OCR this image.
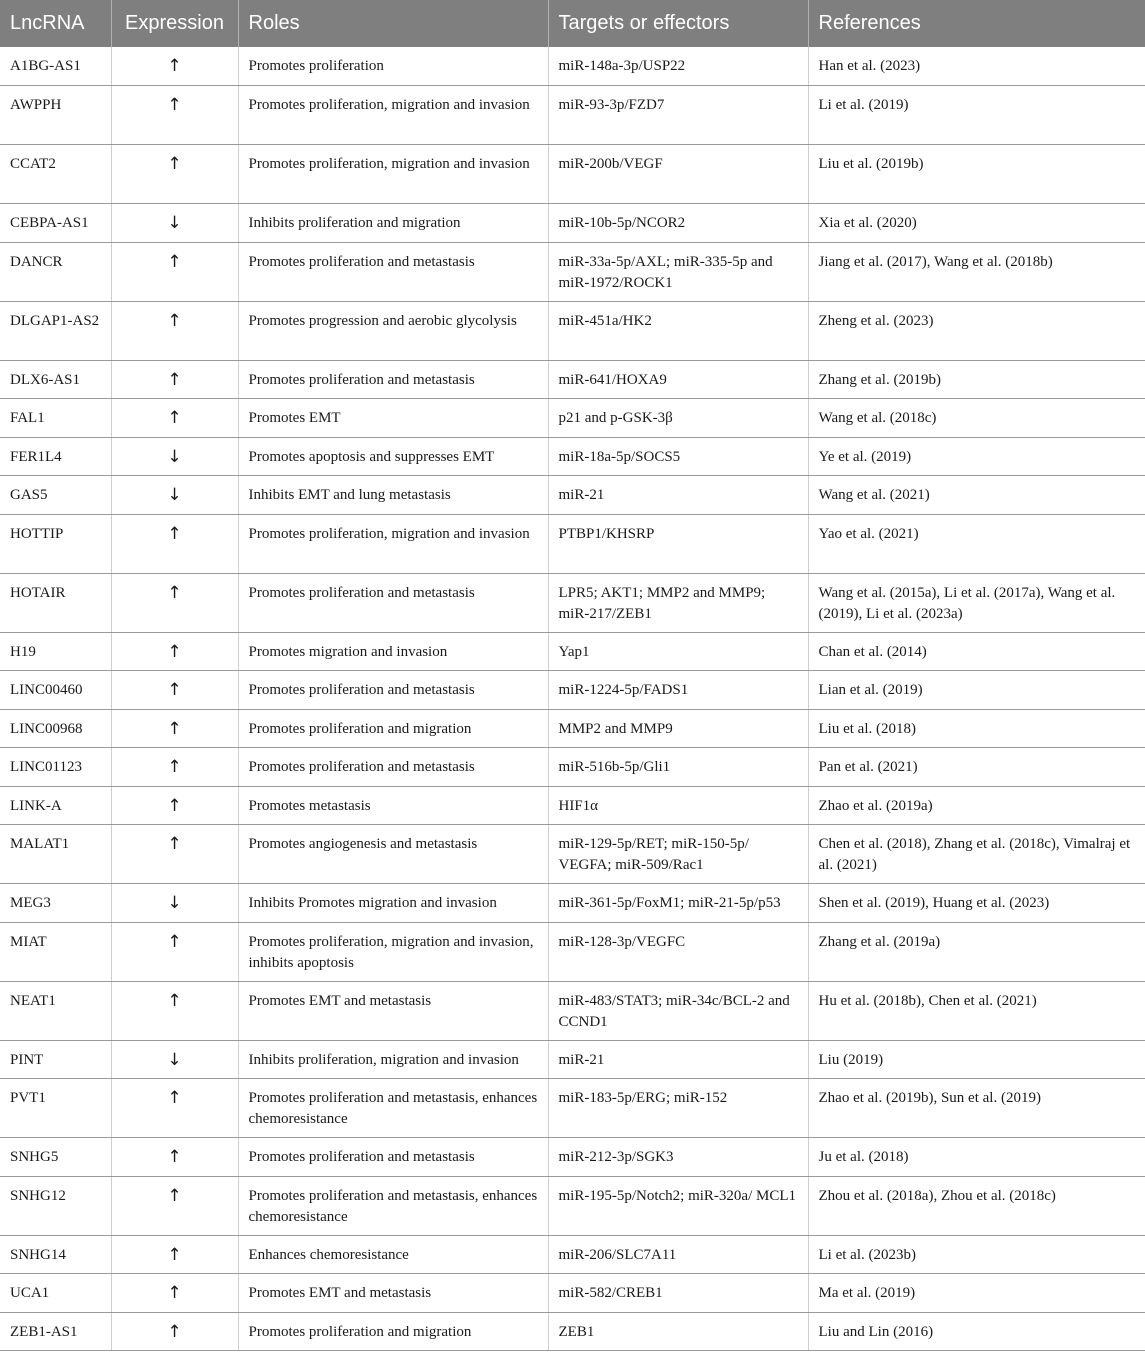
LncRNA	Expression	Roles	Targets or effectors	References
A1BG-AS1	↑	Promotes proliferation	miR-148a-3p/USP22	Han et al. (2023)
AWPPH	↑	Promotes proliferation, migration and invasion	miR-93-3p/FZD7	Li et al. (2019)
CCAT2	↑	Promotes proliferation, migration and invasion	miR-200b/VEGF	Liu et al. (2019b)
CEBPA-AS1	↓	Inhibits proliferation and migration	miR-10b-5p/NCOR2	Xia et al. (2020)
DANCR	↑	Promotes proliferation and metastasis	miR-33a-5p/AXL; miR-335-5p and miR-1972/ROCK1	Jiang et al. (2017), Wang et al. (2018b)
DLGAP1-AS2	↑	Promotes progression and aerobic glycolysis	miR-451a/HK2	Zheng et al. (2023)
DLX6-AS1	↑	Promotes proliferation and metastasis	miR-641/HOXA9	Zhang et al. (2019b)
FAL1	↑	Promotes EMT	p21 and p-GSK-3β	Wang et al. (2018c)
FER1L4	↓	Promotes apoptosis and suppresses EMT	miR-18a-5p/SOCS5	Ye et al. (2019)
GAS5	↓	Inhibits EMT and lung metastasis	miR-21	Wang et al. (2021)
HOTTIP	↑	Promotes proliferation, migration and invasion	PTBP1/KHSRP	Yao et al. (2021)
HOTAIR	↑	Promotes proliferation and metastasis	LPR5; AKT1; MMP2 and MMP9; miR-217/ZEB1	Wang et al. (2015a), Li et al. (2017a), Wang et al. (2019), Li et al. (2023a)
H19	↑	Promotes migration and invasion	Yap1	Chan et al. (2014)
LINC00460	↑	Promotes proliferation and metastasis	miR-1224-5p/FADS1	Lian et al. (2019)
LINC00968	↑	Promotes proliferation and migration	MMP2 and MMP9	Liu et al. (2018)
LINC01123	↑	Promotes proliferation and metastasis	miR-516b-5p/Gli1	Pan et al. (2021)
LINK-A	↑	Promotes metastasis	HIF1α	Zhao et al. (2019a)
MALAT1	↑	Promotes angiogenesis and metastasis	miR-129-5p/RET; miR-150-5p/ VEGFA; miR-509/Rac1	Chen et al. (2018), Zhang et al. (2018c), Vimalraj et al. (2021)
MEG3	↓	Inhibits Promotes migration and invasion	miR-361-5p/FoxM1; miR-21-5p/p53	Shen et al. (2019), Huang et al. (2023)
MIAT	↑	Promotes proliferation, migration and invasion, inhibits apoptosis	miR-128-3p/VEGFC	Zhang et al. (2019a)
NEAT1	↑	Promotes EMT and metastasis	miR-483/STAT3; miR-34c/BCL-2 and CCND1	Hu et al. (2018b), Chen et al. (2021)
PINT	↓	Inhibits proliferation, migration and invasion	miR-21	Liu (2019)
PVT1	↑	Promotes proliferation and metastasis, enhances chemoresistance	miR-183-5p/ERG; miR-152	Zhao et al. (2019b), Sun et al. (2019)
SNHG5	↑	Promotes proliferation and metastasis	miR-212-3p/SGK3	Ju et al. (2018)
SNHG12	↑	Promotes proliferation and metastasis, enhances chemoresistance	miR-195-5p/Notch2; miR-320a/ MCL1	Zhou et al. (2018a), Zhou et al. (2018c)
SNHG14	↑	Enhances chemoresistance	miR-206/SLC7A11	Li et al. (2023b)
UCA1	↑	Promotes EMT and metastasis	miR-582/CREB1	Ma et al. (2019)
ZEB1-AS1	↑	Promotes proliferation and migration	ZEB1	Liu and Lin (2016)
